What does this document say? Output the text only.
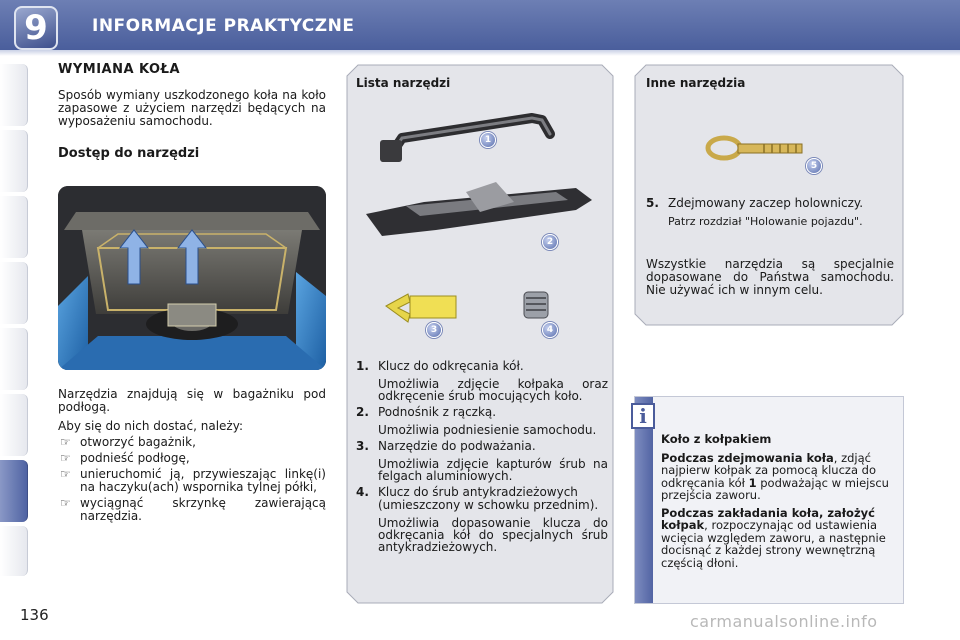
9	INFORMACJE PRAKTYCZNE
136
WYMIANA KOŁA
Sposób wymiany uszkodzonego koła na koło zapasowe z użyciem narzędzi będących na wyposażeniu samochodu.
Dostęp do narzędzi
Narzędzia znajdują się w bagażniku pod podłogą.
Aby się do nich dostać, należy:
☞ otworzyć bagażnik,
☞ podnieść podłogę,
☞ unieruchomić ją, przywieszając linkę(i) na haczyku(ach) wspornika tylnej półki,
☞ wyciągnąć skrzynkę zawierającą narzędzia.
Lista narzędzi
1
2
3	4
1. Klucz do odkręcania kół.
Umożliwia zdjęcie kołpaka oraz odkręcenie śrub mocujących koło.
2. Podnośnik z rączką.
Umożliwia podniesienie samochodu.
3. Narzędzie do podważania.
Umożliwia zdjęcie kapturów śrub na felgach aluminiowych.
4. Klucz do śrub antykradzieżowych (umieszczony w schowku przednim).
Umożliwia dopasowanie klucza do odkręcania kół do specjalnych śrub antykradzieżowych.
Inne narzędzia
5
5. Zdejmowany zaczep holowniczy.
Patrz rozdział "Holowanie pojazdu".
Wszystkie narzędzia są specjalnie dopasowane do Państwa samochodu. Nie używać ich w innym celu.
i
Koło z kołpakiem

Podczas zdejmowania koła, zdjąć najpierw kołpak za pomocą klucza do odkręcania kół 1 podważając w miejscu przejścia zaworu.

Podczas zakładania koła, założyć kołpak, rozpoczynając od ustawienia wcięcia względem zaworu, a następnie docisnąć z każdej strony wewnętrzną częścią dłoni.

carmanualsonline.info
